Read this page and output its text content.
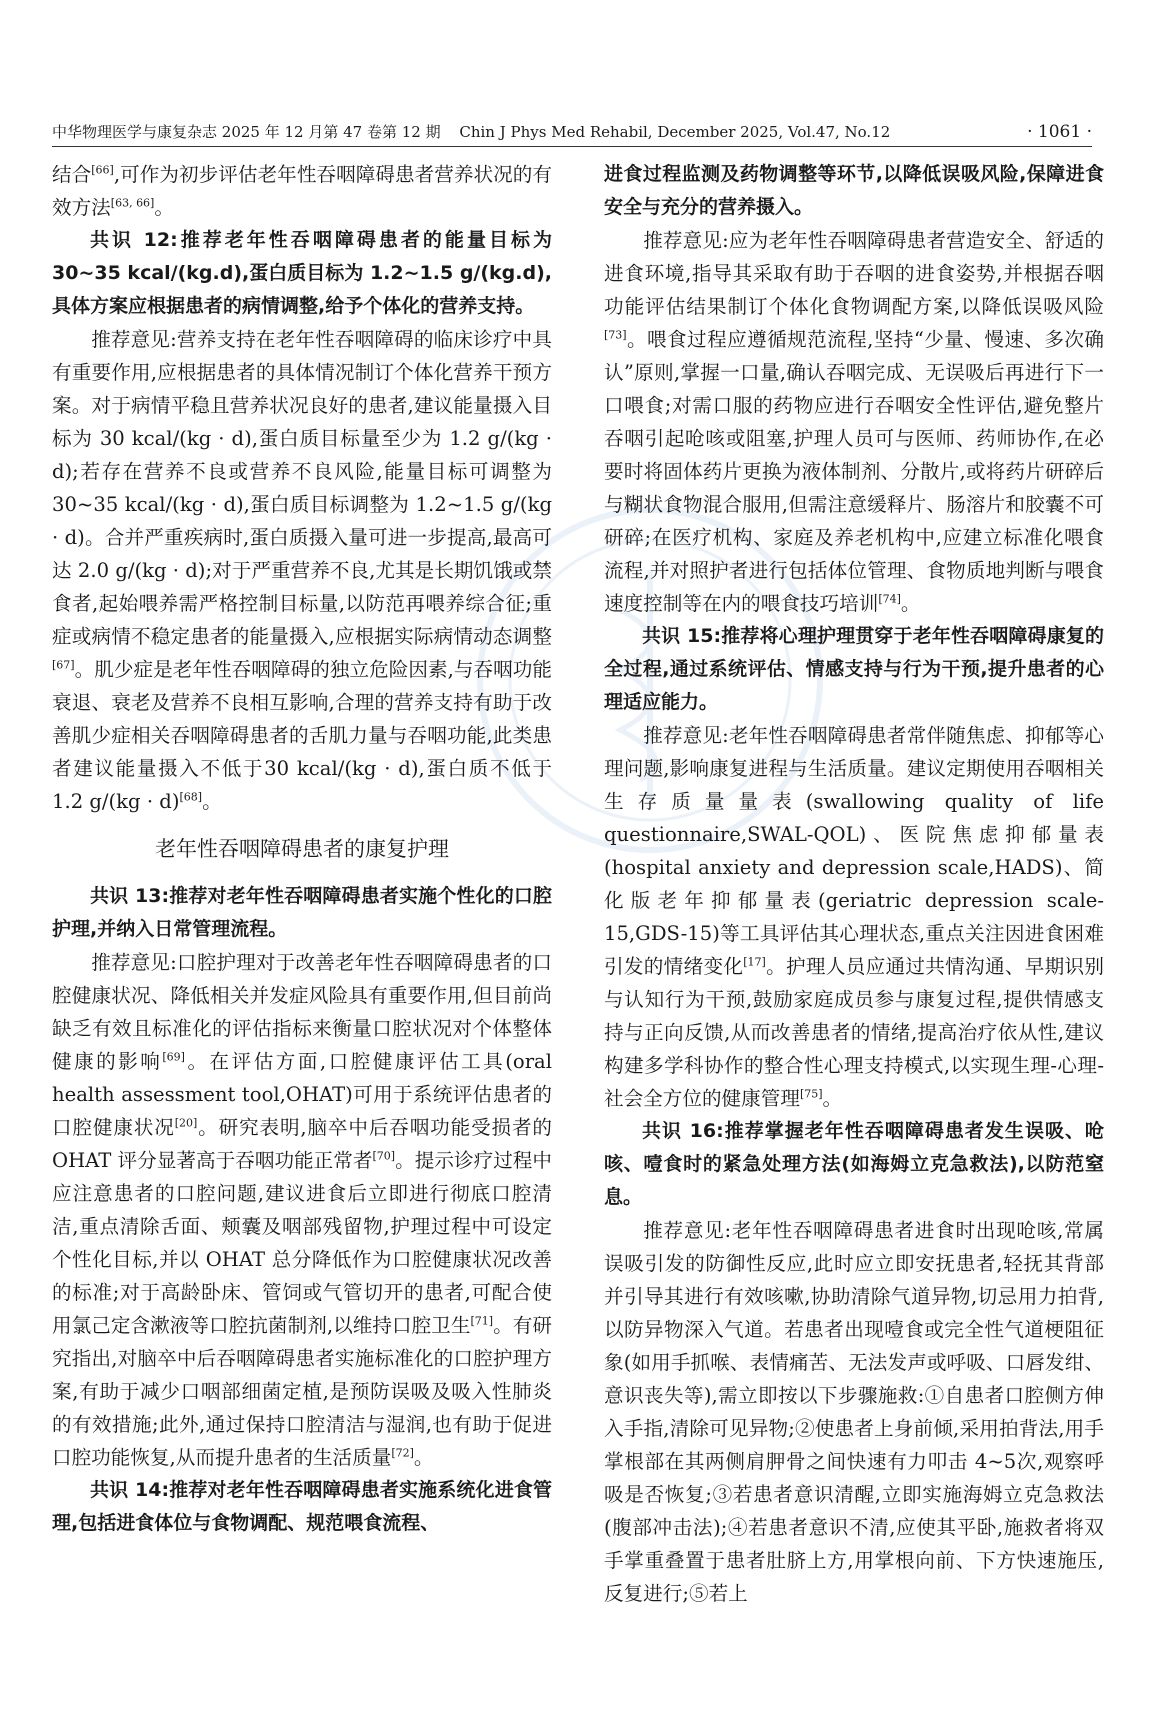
中华物理医学与康复杂志 2025 年 12 月第 47 卷第 12 期 Chin J Phys Med Rehabil, December 2025, Vol.47, No.12	· 1061 ·

结合[66],可作为初步评估老年性吞咽障碍患者营养状况的有效方法[63, 66]。

共识 12:推荐老年性吞咽障碍患者的能量目标为30~35 kcal/(kg.d),蛋白质目标为 1.2~1.5 g/(kg.d),具体方案应根据患者的病情调整,给予个体化的营养支持。

推荐意见:营养支持在老年性吞咽障碍的临床诊疗中具有重要作用,应根据患者的具体情况制订个体化营养干预方案。对于病情平稳且营养状况良好的患者,建议能量摄入目标为 30 kcal/(kg · d),蛋白质目标量至少为 1.2 g/(kg · d);若存在营养不良或营养不良风险,能量目标可调整为 30~35 kcal/(kg · d),蛋白质目标调整为 1.2~1.5 g/(kg · d)。合并严重疾病时,蛋白质摄入量可进一步提高,最高可达 2.0 g/(kg · d);对于严重营养不良,尤其是长期饥饿或禁食者,起始喂养需严格控制目标量,以防范再喂养综合征;重症或病情不稳定患者的能量摄入,应根据实际病情动态调整[67]。肌少症是老年性吞咽障碍的独立危险因素,与吞咽功能衰退、衰老及营养不良相互影响,合理的营养支持有助于改善肌少症相关吞咽障碍患者的舌肌力量与吞咽功能,此类患者建议能量摄入不低于30 kcal/(kg · d),蛋白质不低于 1.2 g/(kg · d)[68]。

老年性吞咽障碍患者的康复护理

共识 13:推荐对老年性吞咽障碍患者实施个性化的口腔护理,并纳入日常管理流程。

推荐意见:口腔护理对于改善老年性吞咽障碍患者的口腔健康状况、降低相关并发症风险具有重要作用,但目前尚缺乏有效且标准化的评估指标来衡量口腔状况对个体整体健康的影响[69]。在评估方面,口腔健康评估工具(oral health assessment tool,OHAT)可用于系统评估患者的口腔健康状况[20]。研究表明,脑卒中后吞咽功能受损者的 OHAT 评分显著高于吞咽功能正常者[70]。提示诊疗过程中应注意患者的口腔问题,建议进食后立即进行彻底口腔清洁,重点清除舌面、颊囊及咽部残留物,护理过程中可设定个性化目标,并以 OHAT 总分降低作为口腔健康状况改善的标准;对于高龄卧床、管饲或气管切开的患者,可配合使用氯己定含漱液等口腔抗菌制剂,以维持口腔卫生[71]。有研究指出,对脑卒中后吞咽障碍患者实施标准化的口腔护理方案,有助于减少口咽部细菌定植,是预防误吸及吸入性肺炎的有效措施;此外,通过保持口腔清洁与湿润,也有助于促进口腔功能恢复,从而提升患者的生活质量[72]。

共识 14:推荐对老年性吞咽障碍患者实施系统化进食管理,包括进食体位与食物调配、规范喂食流程、

进食过程监测及药物调整等环节,以降低误吸风险,保障进食安全与充分的营养摄入。

推荐意见:应为老年性吞咽障碍患者营造安全、舒适的进食环境,指导其采取有助于吞咽的进食姿势,并根据吞咽功能评估结果制订个体化食物调配方案,以降低误吸风险[73]。喂食过程应遵循规范流程,坚持“少量、慢速、多次确认”原则,掌握一口量,确认吞咽完成、无误吸后再进行下一口喂食;对需口服的药物应进行吞咽安全性评估,避免整片吞咽引起呛咳或阻塞,护理人员可与医师、药师协作,在必要时将固体药片更换为液体制剂、分散片,或将药片研碎后与糊状食物混合服用,但需注意缓释片、肠溶片和胶囊不可研碎;在医疗机构、家庭及养老机构中,应建立标准化喂食流程,并对照护者进行包括体位管理、食物质地判断与喂食速度控制等在内的喂食技巧培训[74]。

共识 15:推荐将心理护理贯穿于老年性吞咽障碍康复的全过程,通过系统评估、情感支持与行为干预,提升患者的心理适应能力。

推荐意见:老年性吞咽障碍患者常伴随焦虑、抑郁等心理问题,影响康复进程与生活质量。建议定期使用吞咽相关生存质量量表(swallowing quality of life questionnaire,SWAL-QOL)、医院焦虑抑郁量表(hospital anxiety and depression scale,HADS)、简化版老年抑郁量表(geriatric depression scale-15,GDS-15)等工具评估其心理状态,重点关注因进食困难引发的情绪变化[17]。护理人员应通过共情沟通、早期识别与认知行为干预,鼓励家庭成员参与康复过程,提供情感支持与正向反馈,从而改善患者的情绪,提高治疗依从性,建议构建多学科协作的整合性心理支持模式,以实现生理-心理-社会全方位的健康管理[75]。

共识 16:推荐掌握老年性吞咽障碍患者发生误吸、呛咳、噎食时的紧急处理方法(如海姆立克急救法),以防范窒息。

推荐意见:老年性吞咽障碍患者进食时出现呛咳,常属误吸引发的防御性反应,此时应立即安抚患者,轻抚其背部并引导其进行有效咳嗽,协助清除气道异物,切忌用力拍背,以防异物深入气道。若患者出现噎食或完全性气道梗阻征象(如用手抓喉、表情痛苦、无法发声或呼吸、口唇发绀、意识丧失等),需立即按以下步骤施救:①自患者口腔侧方伸入手指,清除可见异物;②使患者上身前倾,采用拍背法,用手掌根部在其两侧肩胛骨之间快速有力叩击 4~5次,观察呼吸是否恢复;③若患者意识清醒,立即实施海姆立克急救法(腹部冲击法);④若患者意识不清,应使其平卧,施救者将双手掌重叠置于患者肚脐上方,用掌根向前、下方快速施压,反复进行;⑤若上
